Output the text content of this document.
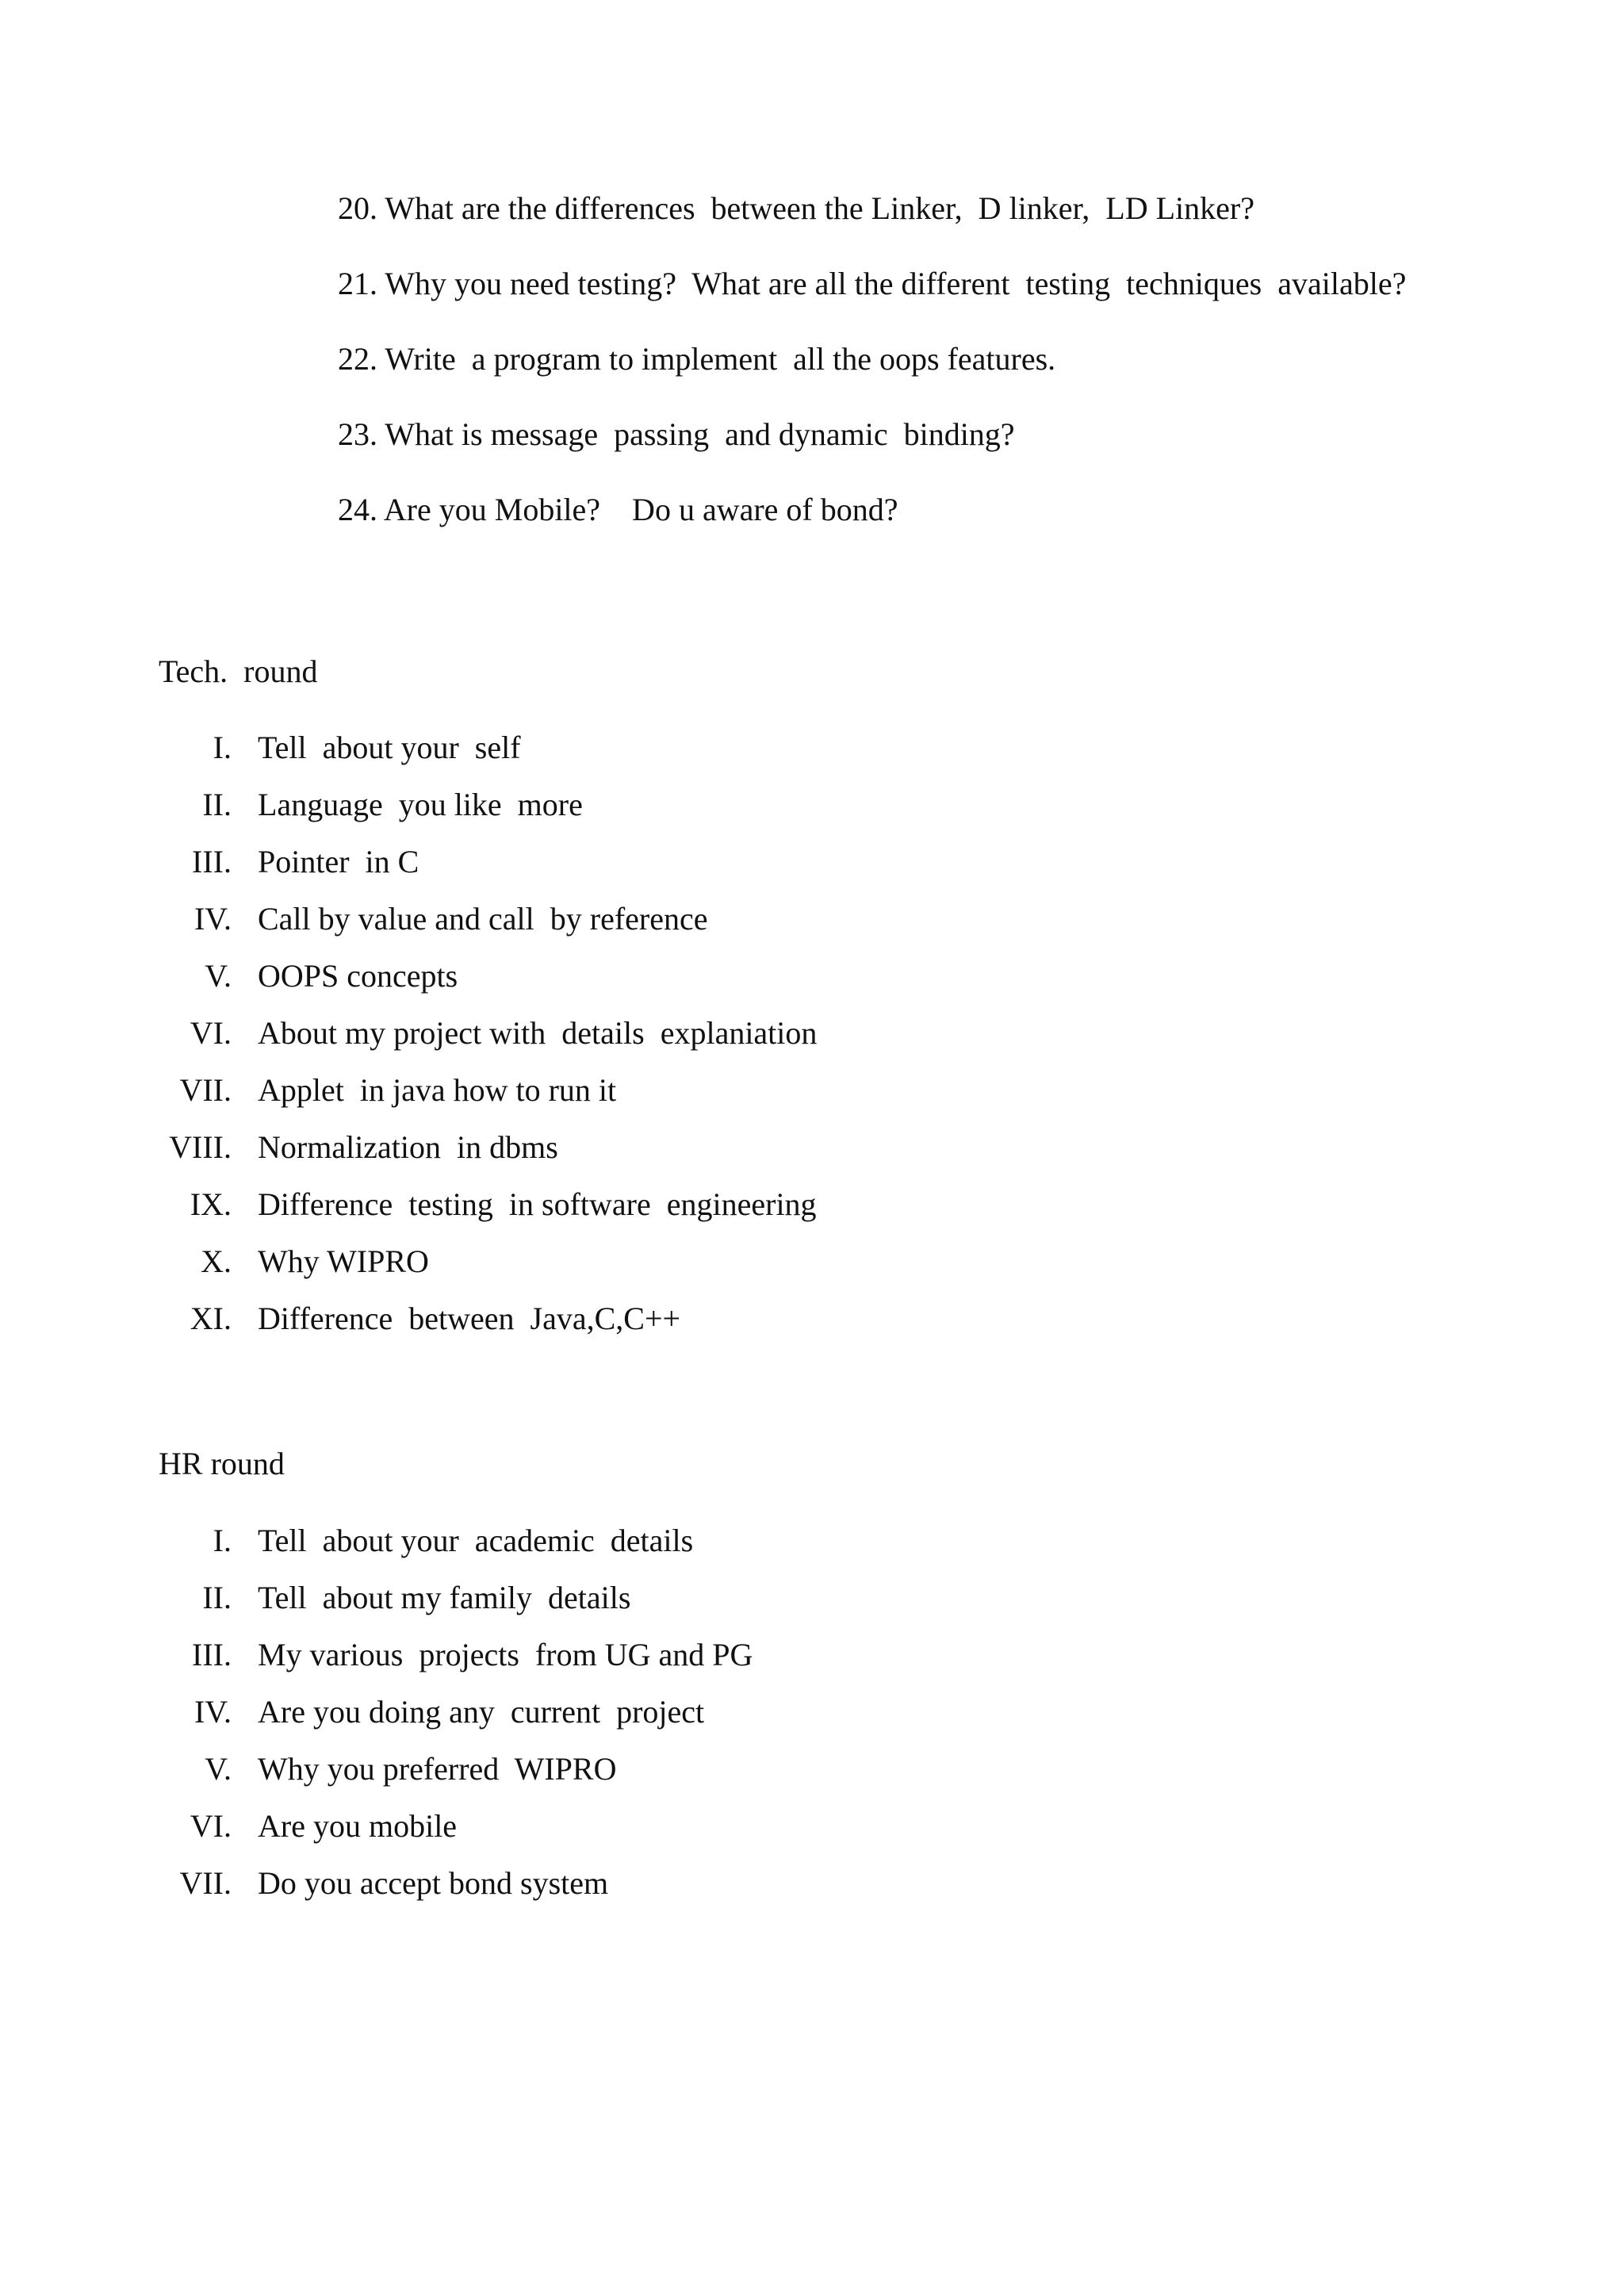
20. What are the differences  between the Linker,  D linker,  LD Linker?
21. Why you need testing?  What are all the different  testing  techniques  available?
22. Write  a program to implement  all the oops features.
23. What is message  passing  and dynamic  binding?
24. Are you Mobile?    Do u aware of bond?
Tech.  round
I. Tell  about your  self
II. Language  you like  more
III. Pointer  in C
IV. Call by value and call  by reference
V. OOPS concepts
VI. About my project with  details  explaniation
VII. Applet  in java how to run it
VIII. Normalization  in dbms
IX. Difference  testing  in software  engineering
X. Why WIPRO
XI. Difference  between  Java,C,C++
HR round
I. Tell  about your  academic  details
II. Tell  about my family  details
III. My various  projects  from UG and PG
IV. Are you doing any  current  project
V. Why you preferred  WIPRO
VI. Are you mobile
VII. Do you accept bond system
